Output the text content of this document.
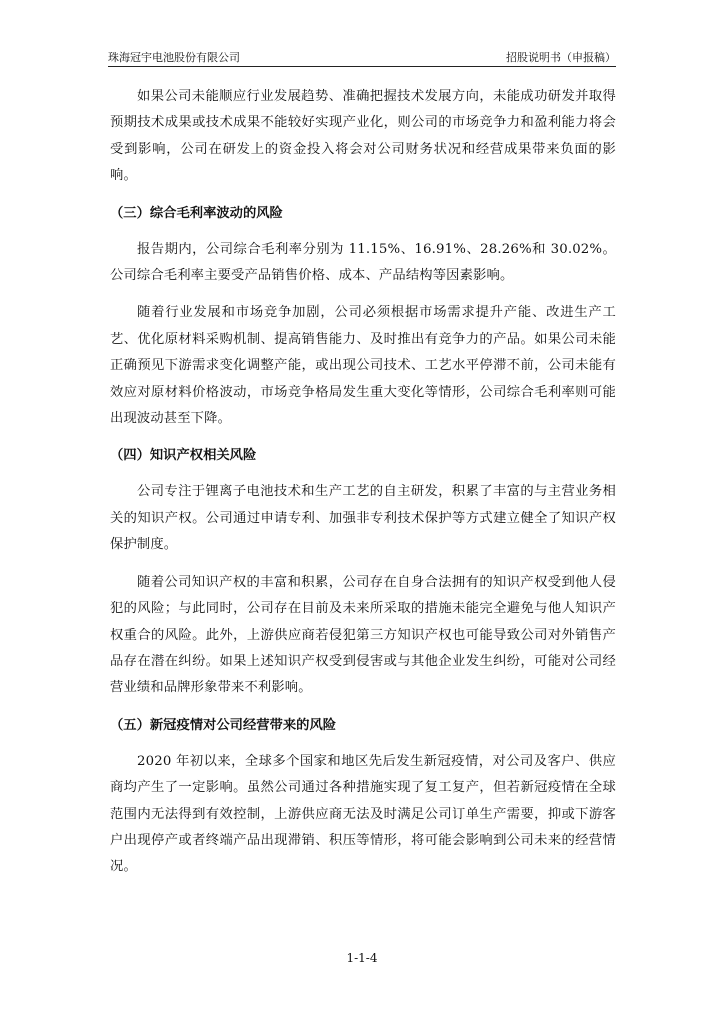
珠海冠宇电池股份有限公司	招股说明书（申报稿）

如果公司未能顺应行业发展趋势、准确把握技术发展方向，未能成功研发并取得预期技术成果或技术成果不能较好实现产业化，则公司的市场竞争力和盈利能力将会受到影响，公司在研发上的资金投入将会对公司财务状况和经营成果带来负面的影响。

（三）综合毛利率波动的风险

报告期内，公司综合毛利率分别为 11.15%、16.91%、28.26%和 30.02%。公司综合毛利率主要受产品销售价格、成本、产品结构等因素影响。

随着行业发展和市场竞争加剧，公司必须根据市场需求提升产能、改进生产工艺、优化原材料采购机制、提高销售能力、及时推出有竞争力的产品。如果公司未能正确预见下游需求变化调整产能，或出现公司技术、工艺水平停滞不前，公司未能有效应对原材料价格波动，市场竞争格局发生重大变化等情形，公司综合毛利率则可能出现波动甚至下降。

（四）知识产权相关风险

公司专注于锂离子电池技术和生产工艺的自主研发，积累了丰富的与主营业务相关的知识产权。公司通过申请专利、加强非专利技术保护等方式建立健全了知识产权保护制度。

随着公司知识产权的丰富和积累，公司存在自身合法拥有的知识产权受到他人侵犯的风险；与此同时，公司存在目前及未来所采取的措施未能完全避免与他人知识产权重合的风险。此外，上游供应商若侵犯第三方知识产权也可能导致公司对外销售产品存在潜在纠纷。如果上述知识产权受到侵害或与其他企业发生纠纷，可能对公司经营业绩和品牌形象带来不利影响。

（五）新冠疫情对公司经营带来的风险

2020 年初以来，全球多个国家和地区先后发生新冠疫情，对公司及客户、供应商均产生了一定影响。虽然公司通过各种措施实现了复工复产，但若新冠疫情在全球范围内无法得到有效控制，上游供应商无法及时满足公司订单生产需要，抑或下游客户出现停产或者终端产品出现滞销、积压等情形，将可能会影响到公司未来的经营情况。

1-1-4
